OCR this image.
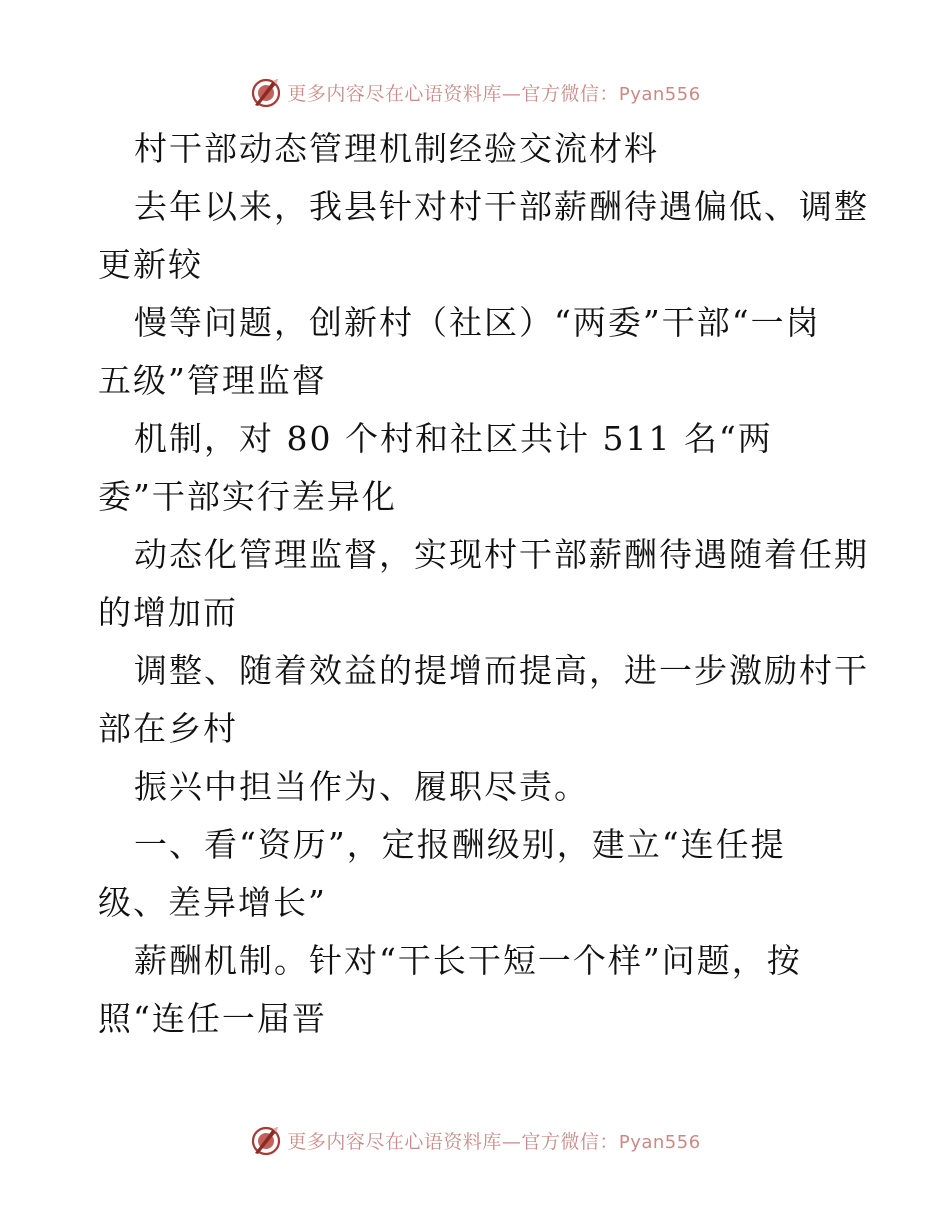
更多内容尽在心语资料库—官方微信：Pyan556
村干部动态管理机制经验交流材料
去年以来，我县针对村干部薪酬待遇偏低、调整
更新较
慢等问题，创新村（社区）“两委”干部“一岗
五级”管理监督
机制，对 80 个村和社区共计 511 名“两
委”干部实行差异化
动态化管理监督，实现村干部薪酬待遇随着任期
的增加而
调整、随着效益的提增而提高，进一步激励村干
部在乡村
振兴中担当作为、履职尽责。
一、看“资历”，定报酬级别，建立“连任提
级、差异增长”
薪酬机制。针对“干长干短一个样”问题，按
照“连任一届晋
更多内容尽在心语资料库—官方微信：Pyan556
